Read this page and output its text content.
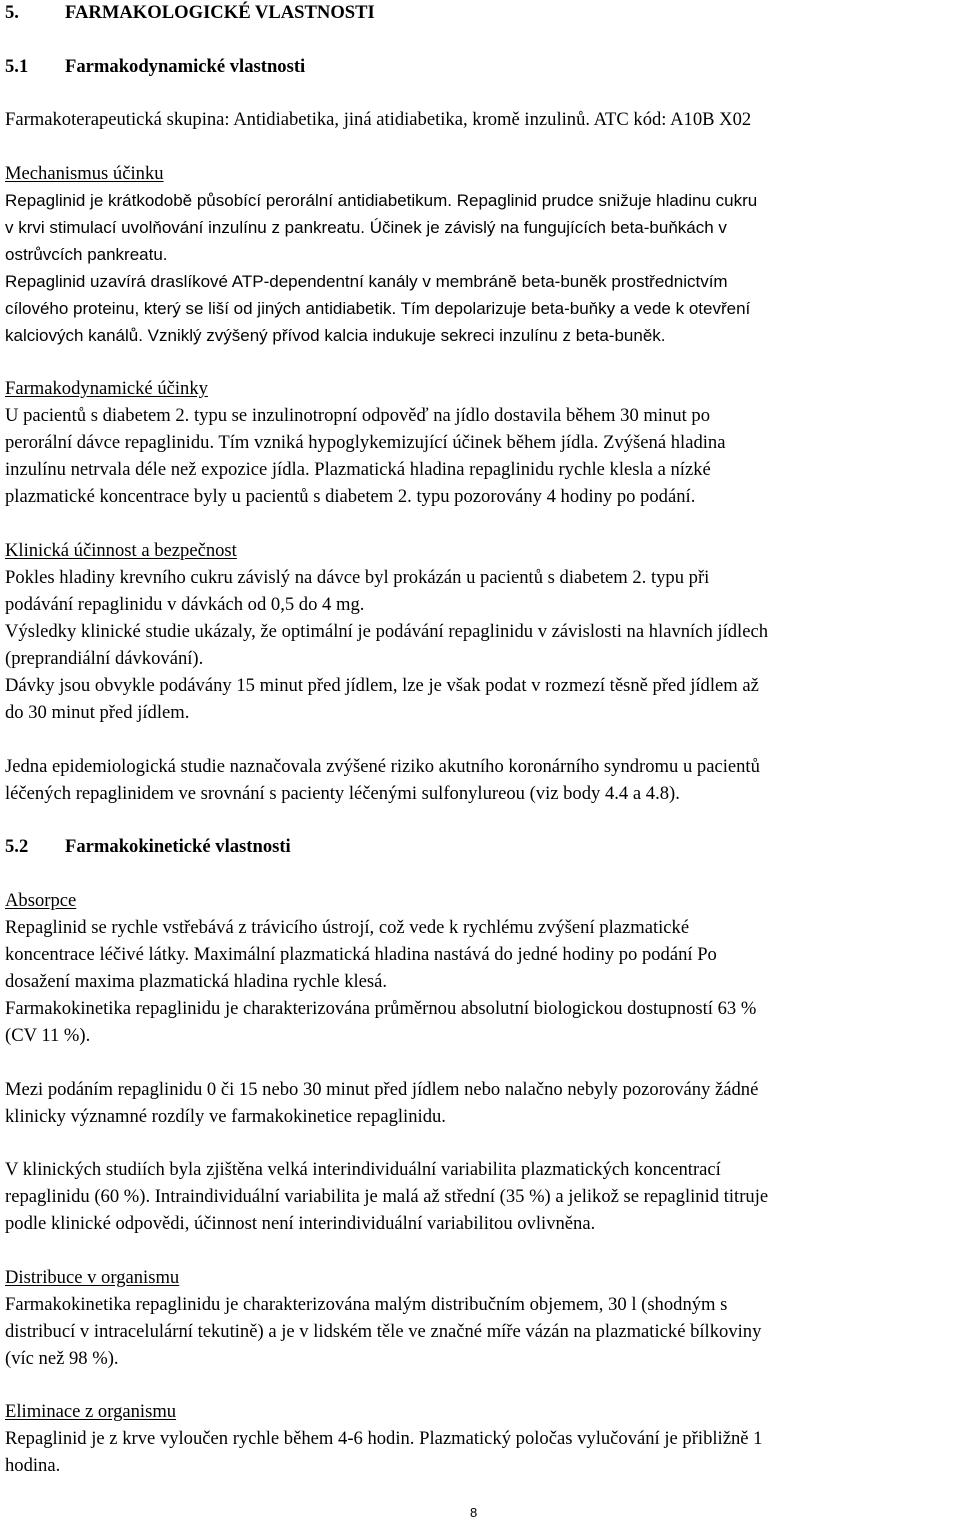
5. FARMAKOLOGICKÉ VLASTNOSTI
5.1 Farmakodynamické vlastnosti
Farmakoterapeutická skupina: Antidiabetika, jiná atidiabetika, kromě inzulinů. ATC kód: A10B X02
Mechanismus účinku
Repaglinid je krátkodobě působící perorální antidiabetikum. Repaglinid prudce snižuje hladinu cukru
v krvi stimulací uvolňování inzulínu z pankreatu. Účinek je závislý na fungujících beta-buňkách v
ostrůvcích pankreatu.
Repaglinid uzavírá draslíkové ATP-dependentní kanály v membráně beta-buněk prostřednictvím
cílového proteinu, který se liší od jiných antidiabetik. Tím depolarizuje beta-buňky a vede k otevření
kalciových kanálů. Vzniklý zvýšený přívod kalcia indukuje sekreci inzulínu z beta-buněk.
Farmakodynamické účinky
U pacientů s diabetem 2. typu se inzulinotropní odpověď na jídlo dostavila během 30 minut po
perorální dávce repaglinidu. Tím vzniká hypoglykemizující účinek během jídla. Zvýšená hladina
inzulínu netrvala déle než expozice jídla. Plazmatická hladina repaglinidu rychle klesla a nízké
plazmatické koncentrace byly u pacientů s diabetem 2. typu pozorovány 4 hodiny po podání.
Klinická účinnost a bezpečnost
Pokles hladiny krevního cukru závislý na dávce byl prokázán u pacientů s diabetem 2. typu při
podávání repaglinidu v dávkách od 0,5 do 4 mg.
Výsledky klinické studie ukázaly, že optimální je podávání repaglinidu v závislosti na hlavních jídlech
(preprandiální dávkování).
Dávky jsou obvykle podávány 15 minut před jídlem, lze je však podat v rozmezí těsně před jídlem až
do 30 minut před jídlem.
Jedna epidemiologická studie naznačovala zvýšené riziko akutního koronárního syndromu u pacientů
léčených repaglinidem ve srovnání s pacienty léčenými sulfonylureou (viz body 4.4 a 4.8).
5.2 Farmakokinetické vlastnosti
Absorpce
Repaglinid se rychle vstřebává z trávicího ústrojí, což vede k rychlému zvýšení plazmatické
koncentrace léčivé látky. Maximální plazmatická hladina nastává do jedné hodiny po podání Po
dosažení maxima plazmatická hladina rychle klesá.
Farmakokinetika repaglinidu je charakterizována průměrnou absolutní biologickou dostupností 63 %
(CV 11 %).
Mezi podáním repaglinidu 0 či 15 nebo 30 minut před jídlem nebo nalačno nebyly pozorovány žádné
klinicky významné rozdíly ve farmakokinetice repaglinidu.
V klinických studiích byla zjištěna velká interindividuální variabilita plazmatických koncentrací
repaglinidu (60 %). Intraindividuální variabilita je malá až střední (35 %) a jelikož se repaglinid titruje
podle klinické odpovědi, účinnost není interindividuální variabilitou ovlivněna.
Distribuce v organismu
Farmakokinetika repaglinidu je charakterizována malým distribučním objemem, 30 l (shodným s
distribucí v intracelulární tekutině) a je v lidském těle ve značné míře vázán na plazmatické bílkoviny
(víc než 98 %).
Eliminace z organismu
Repaglinid je z krve vyloučen rychle během 4-6 hodin. Plazmatický poločas vylučování je přibližně 1
hodina.
8
